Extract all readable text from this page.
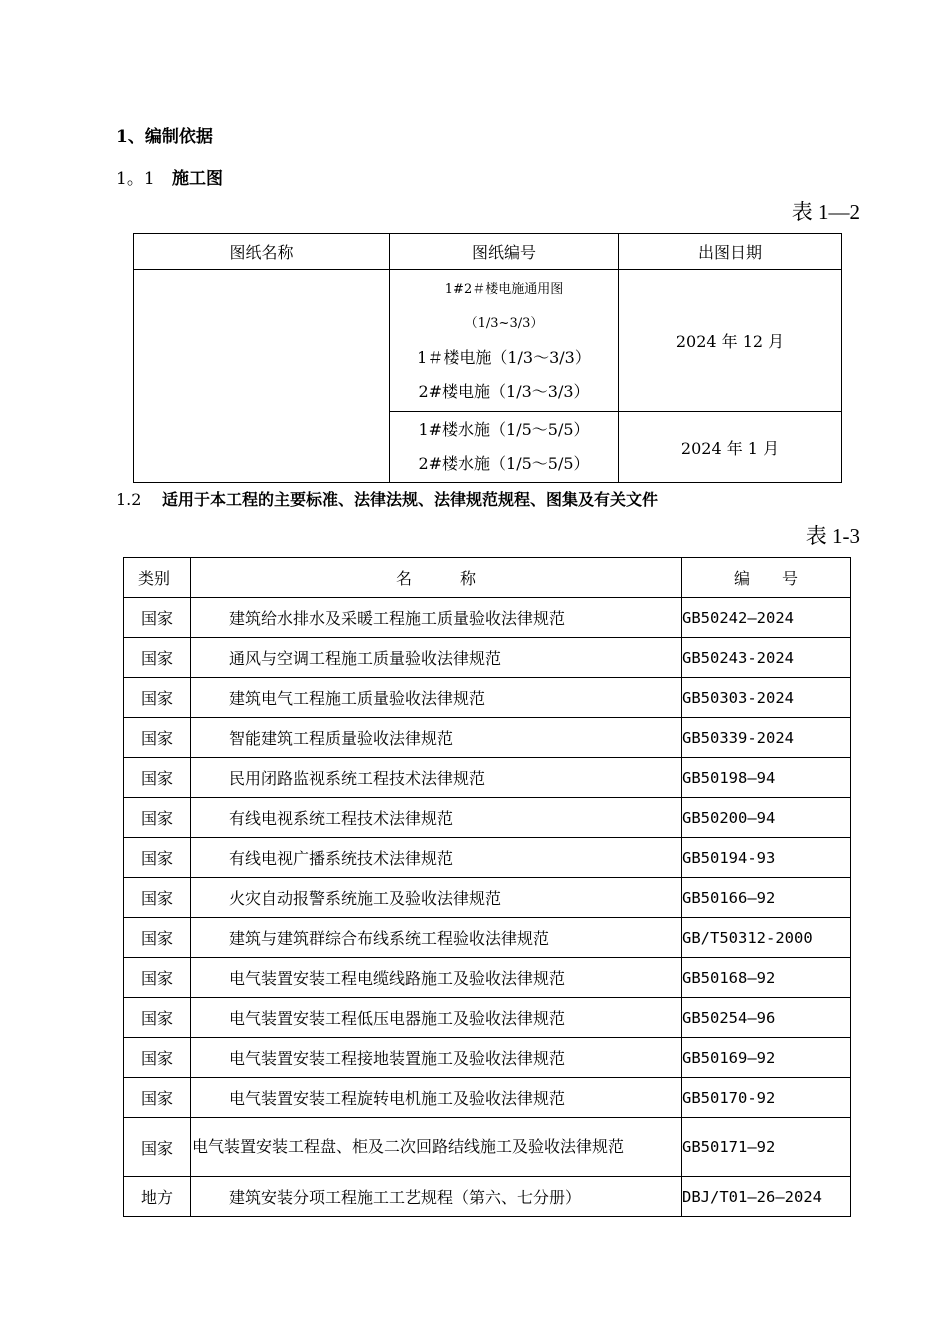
1、编制依据
1。1 施工图
表 1—2
图纸名称	图纸编号	出图日期

	1#2＃楼电施通用图
（1/3~3/3）
1＃楼电施（1/3～3/3）
2#楼电施（1/3～3/3）	2024 年 12 月

	1#楼水施（1/5～5/5）
2#楼水施（1/5～5/5）	2024 年 1 月
1.2 适用于本工程的主要标准、法律法规、法律规范规程、图集及有关文件
表 1-3
类别	名　　　称	编　　号
国家	建筑给水排水及采暖工程施工质量验收法律规范	GB50242—2024
国家	通风与空调工程施工质量验收法律规范	GB50243-2024
国家	建筑电气工程施工质量验收法律规范	GB50303-2024
国家	智能建筑工程质量验收法律规范	GB50339-2024
国家	民用闭路监视系统工程技术法律规范	GB50198—94
国家	有线电视系统工程技术法律规范	GB50200—94
国家	有线电视广播系统技术法律规范	GB50194-93
国家	火灾自动报警系统施工及验收法律规范	GB50166—92
国家	建筑与建筑群综合布线系统工程验收法律规范	GB/T50312-2000
国家	电气装置安装工程电缆线路施工及验收法律规范	GB50168—92
国家	电气装置安装工程低压电器施工及验收法律规范	GB50254—96
国家	电气装置安装工程接地装置施工及验收法律规范	GB50169—92
国家	电气装置安装工程旋转电机施工及验收法律规范	GB50170-92
国家	电气装置安装工程盘、柜及二次回路结线施工及验收法律规范	GB50171—92
地方	建筑安装分项工程施工工艺规程（第六、七分册）	DBJ/T01—26—2024
